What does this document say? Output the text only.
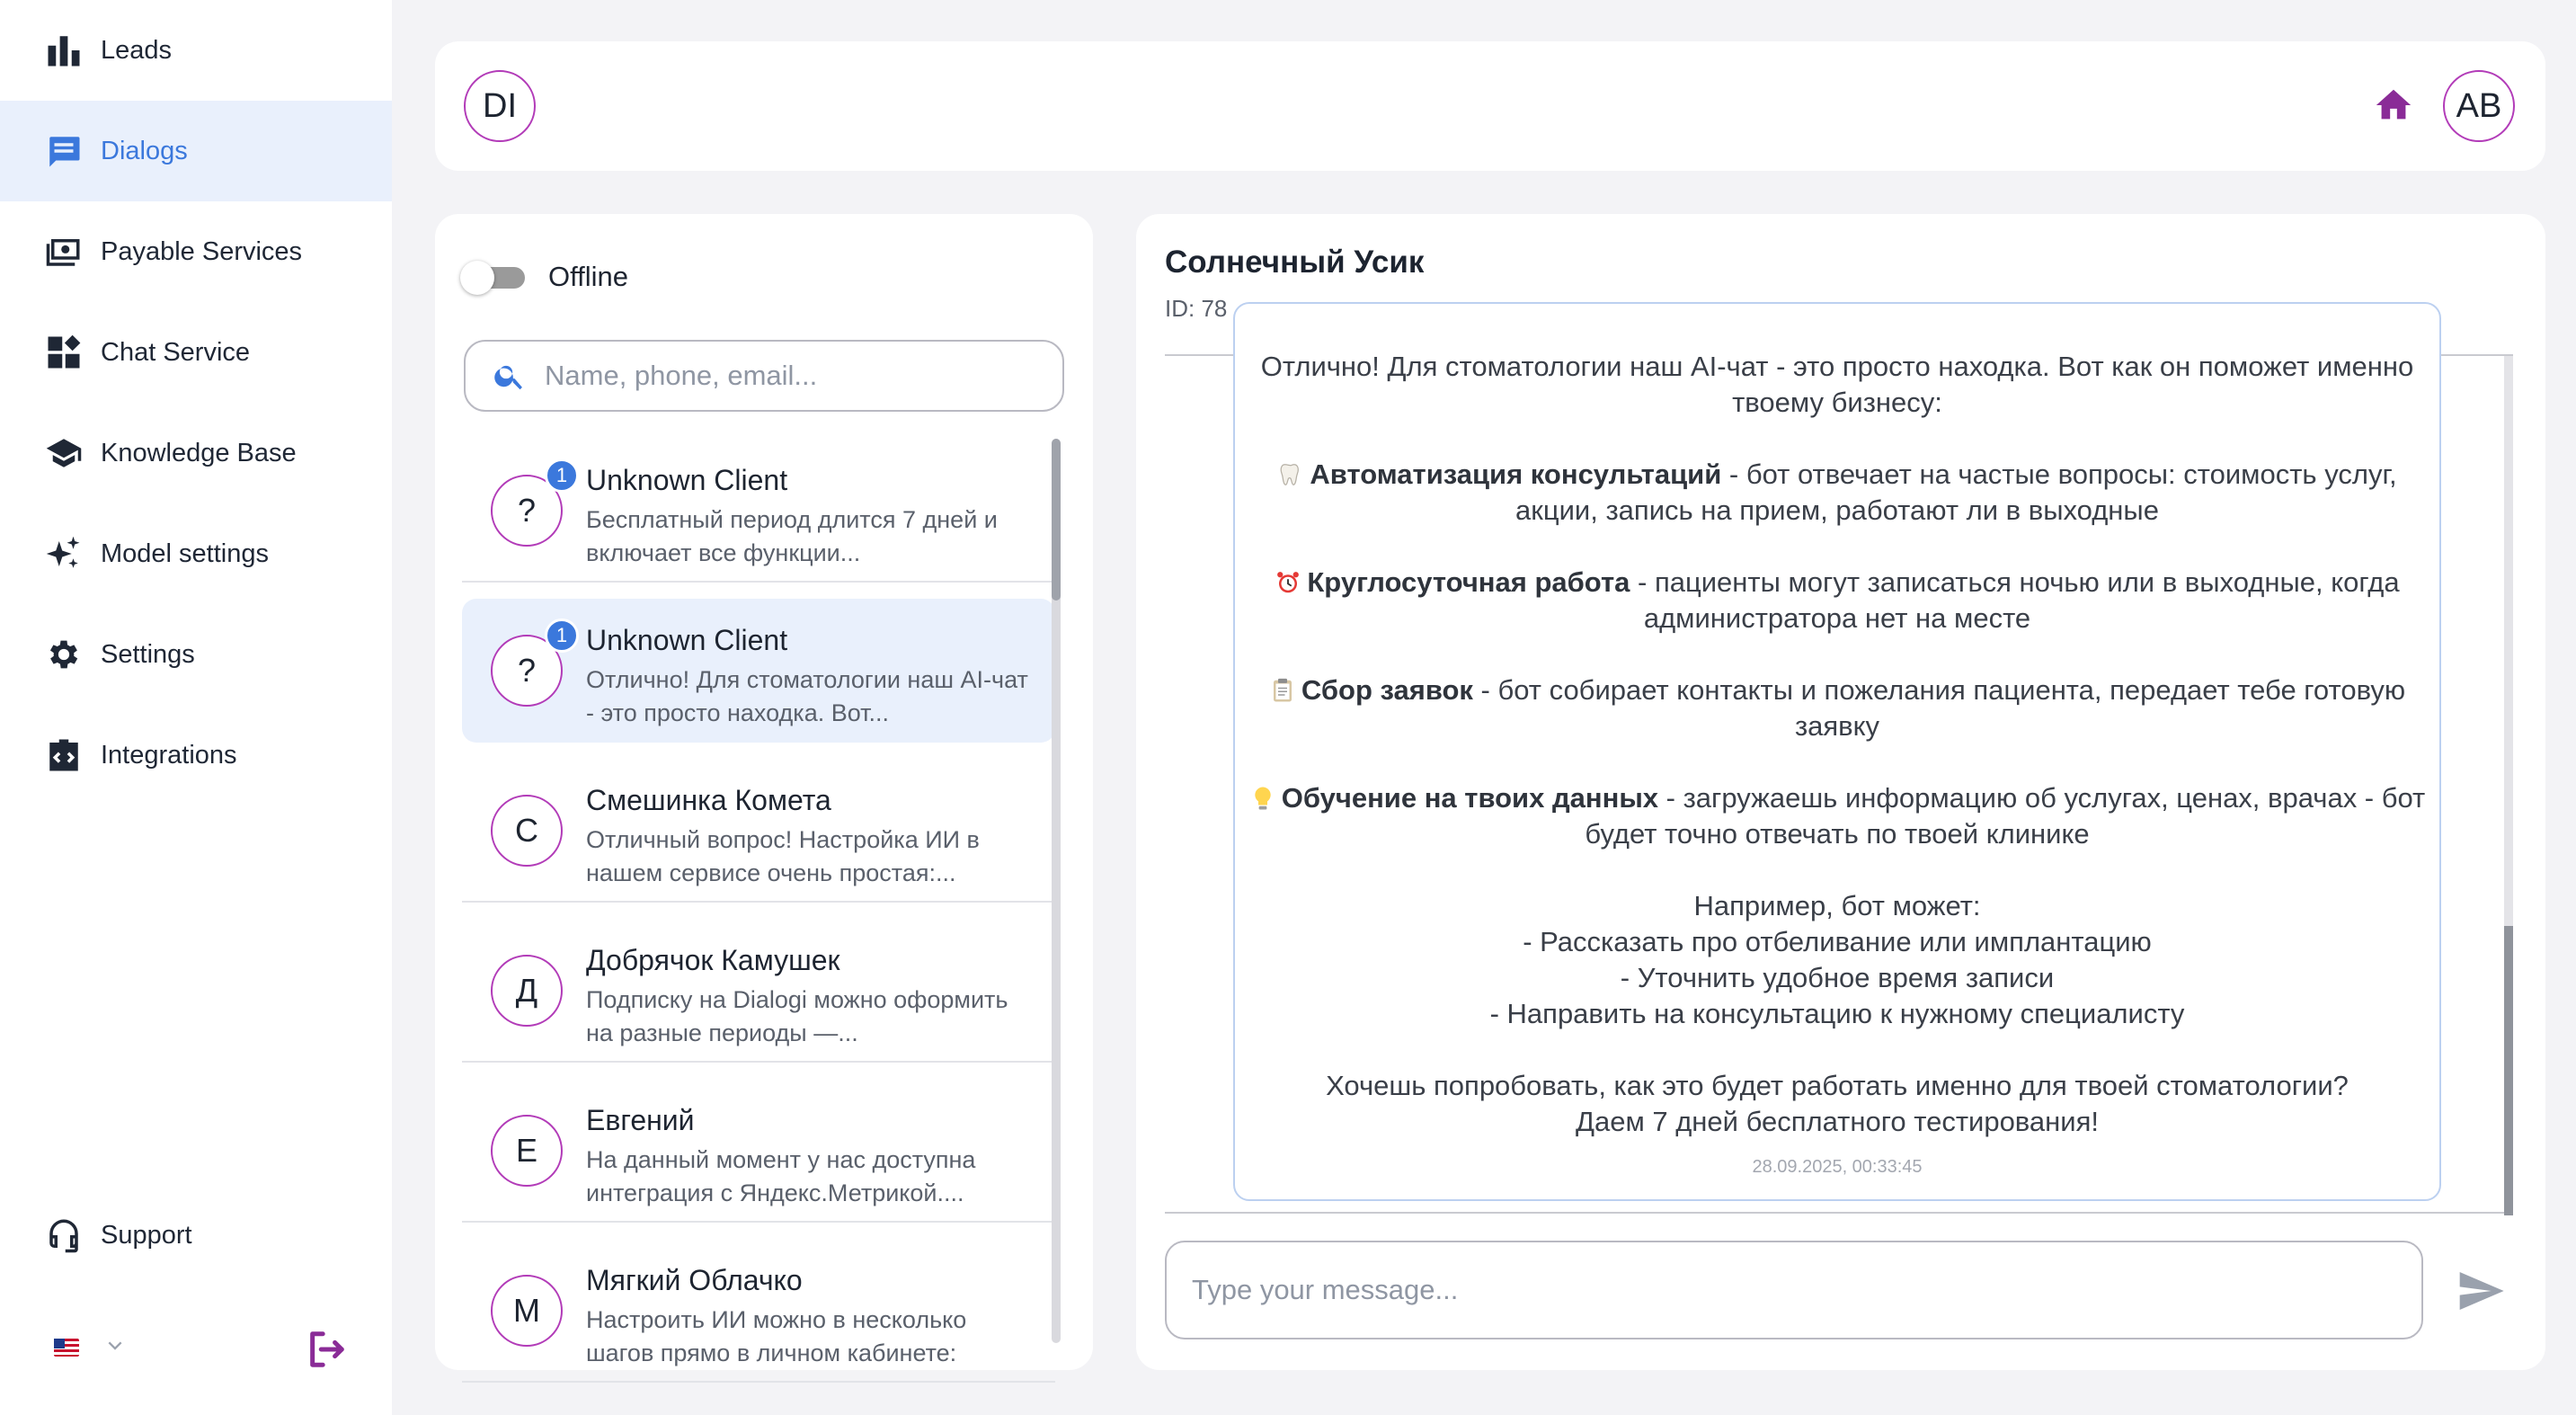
Leads
Dialogs
Payable Services
Chat Service
Knowledge Base
Model settings
Settings
Integrations
Support
DI	AB
Offline
Name, phone, email...
?
1 Unknown Client
Бесплатный период длится 7 дней и включает все функции...
?
1 Unknown Client
Отлично! Для стоматологии наш AI-чат - это просто находка. Вот...
С
Смешинка Комета
Отличный вопрос! Настройка ИИ в нашем сервисе очень простая:...
Д
Добрячок Камушек
Подписку на Dialogi можно оформить на разные периоды —...
Е
Евгений
На данный момент у нас доступна интеграция с Яндекс.Метрикой....
М
Мягкий Облачко
Настроить ИИ можно в несколько шагов прямо в личном кабинете:
Солнечный Усик
ID: 78
Отлично! Для стоматологии наш AI-чат - это просто находка. Вот как он поможет именно твоему бизнесу:
Автоматизация консультаций - бот отвечает на частые вопросы: стоимость услуг, акции, запись на прием, работают ли в выходные
Круглосуточная работа - пациенты могут записаться ночью или в выходные, когда администратора нет на месте
Сбор заявок - бот собирает контакты и пожелания пациента, передает тебе готовую заявку
Обучение на твоих данных - загружаешь информацию об услугах, ценах, врачах - бот будет точно отвечать по твоей клинике
Например, бот может:
- Рассказать про отбеливание или имплантацию
- Уточнить удобное время записи
- Направить на консультацию к нужному специалисту
Хочешь попробовать, как это будет работать именно для твоей стоматологии?
Даем 7 дней бесплатного тестирования!
28.09.2025, 00:33:45
Type your message...
